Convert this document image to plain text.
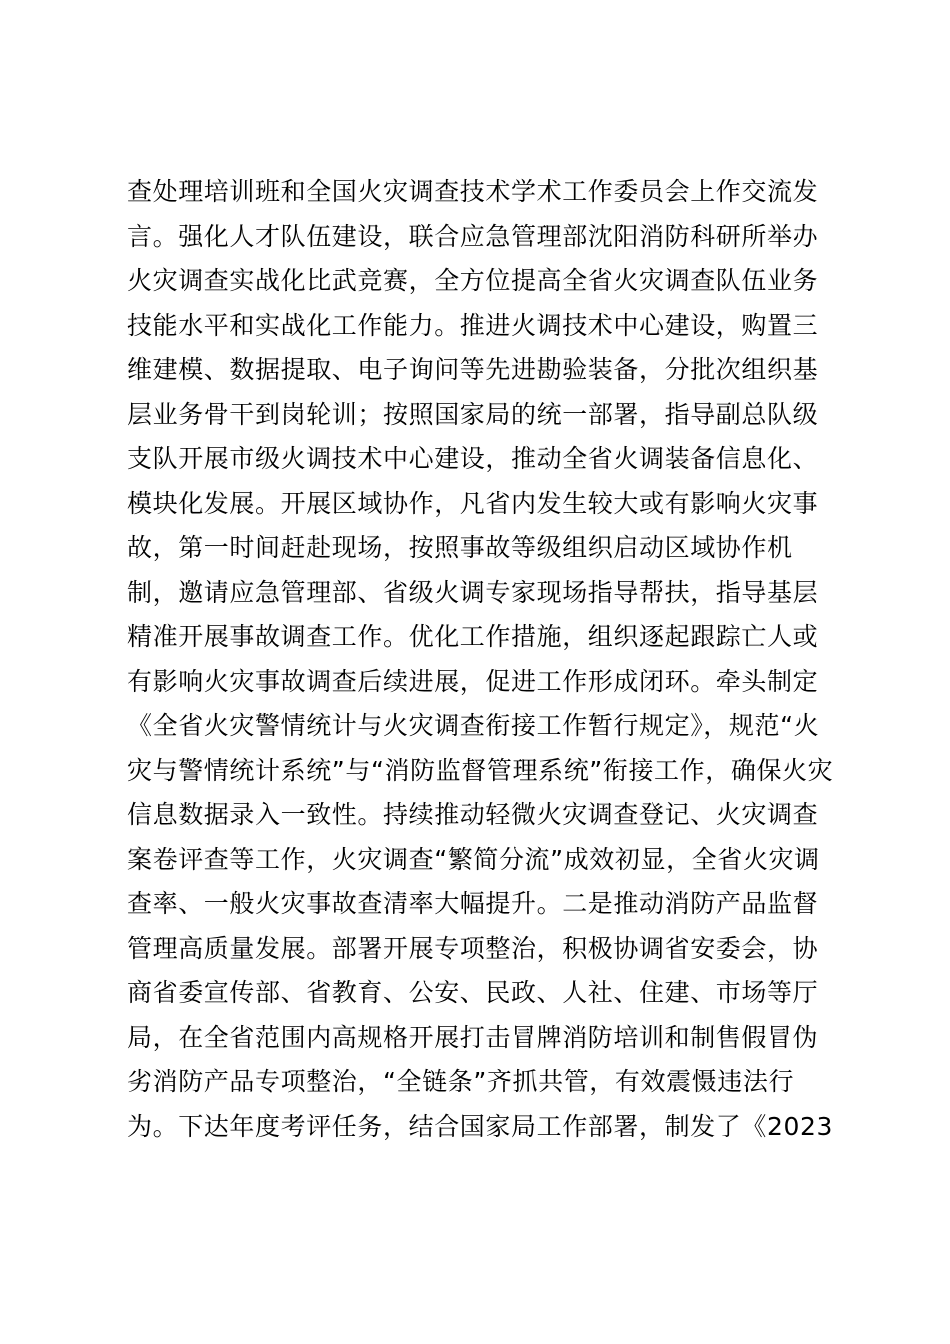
查处理培训班和全国火灾调查技术学术工作委员会上作交流发
言。强化人才队伍建设，联合应急管理部沈阳消防科研所举办
火灾调查实战化比武竞赛，全方位提高全省火灾调查队伍业务
技能水平和实战化工作能力。推进火调技术中心建设，购置三
维建模、数据提取、电子询问等先进勘验装备，分批次组织基
层业务骨干到岗轮训；按照国家局的统一部署，指导副总队级
支队开展市级火调技术中心建设，推动全省火调装备信息化、
模块化发展。开展区域协作，凡省内发生较大或有影响火灾事
故，第一时间赶赴现场，按照事故等级组织启动区域协作机
制，邀请应急管理部、省级火调专家现场指导帮扶，指导基层
精准开展事故调查工作。优化工作措施，组织逐起跟踪亡人或
有影响火灾事故调查后续进展，促进工作形成闭环。牵头制定
《全省火灾警情统计与火灾调查衔接工作暂行规定》，规范“火
灾与警情统计系统”与“消防监督管理系统”衔接工作，确保火灾
信息数据录入一致性。持续推动轻微火灾调查登记、火灾调查
案卷评查等工作，火灾调查“繁简分流”成效初显，全省火灾调
查率、一般火灾事故查清率大幅提升。二是推动消防产品监督
管理高质量发展。部署开展专项整治，积极协调省安委会，协
商省委宣传部、省教育、公安、民政、人社、住建、市场等厅
局，在全省范围内高规格开展打击冒牌消防培训和制售假冒伪
劣消防产品专项整治，“全链条”齐抓共管，有效震慑违法行
为。下达年度考评任务，结合国家局工作部署，制发了《2023
